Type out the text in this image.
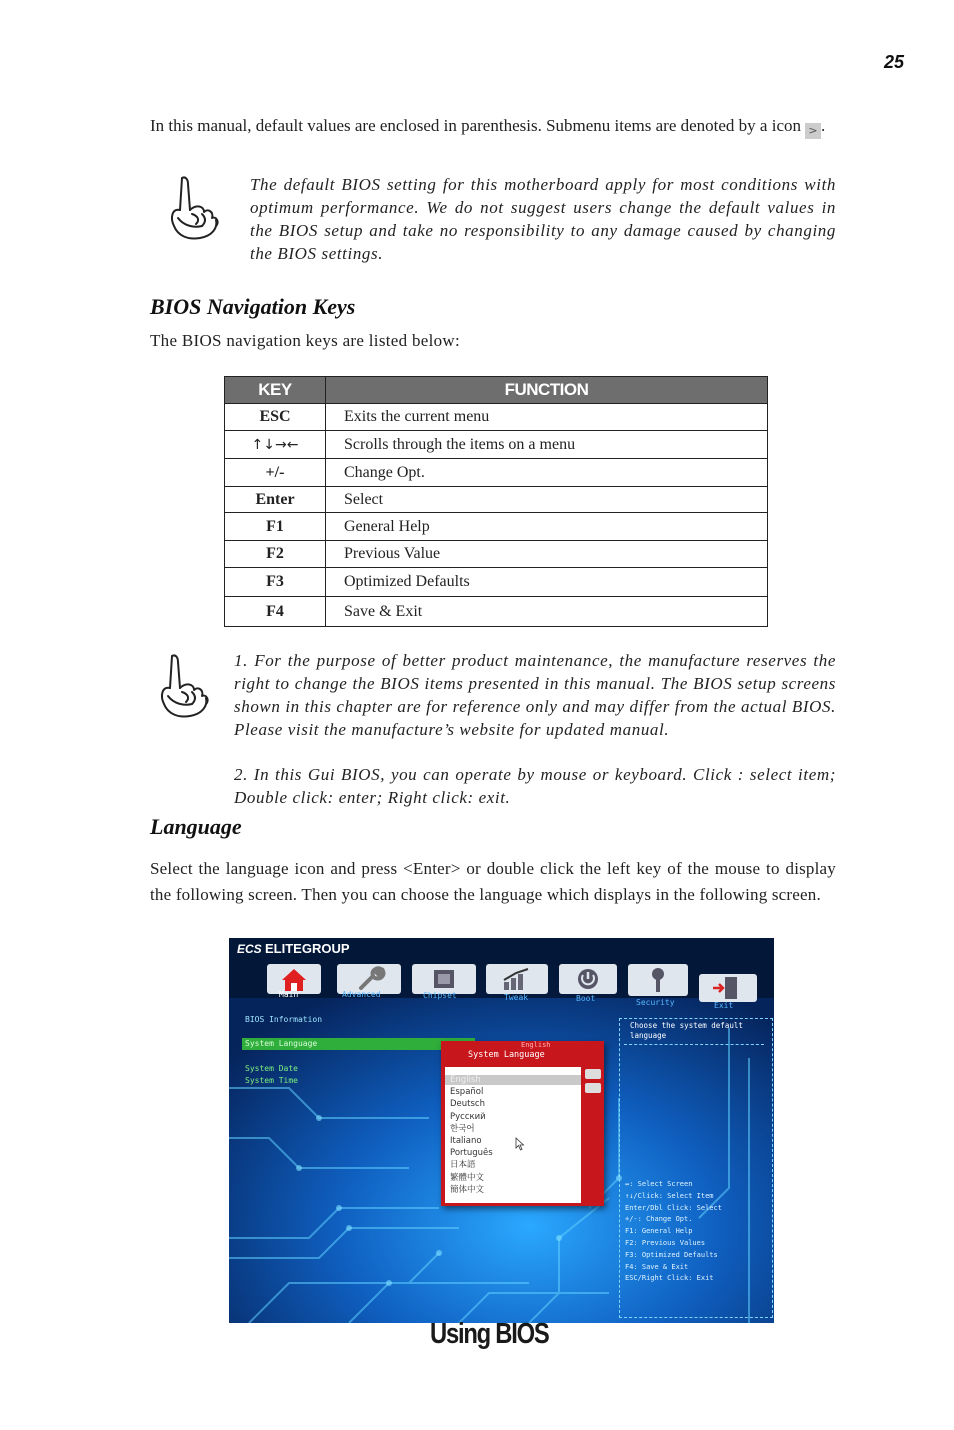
25
In this manual, default values are enclosed in parenthesis. Submenu items are denoted by a icon > .
The default BIOS setting for this motherboard apply for most conditions with optimum performance. We do not suggest users change the default values in the BIOS setup and take no responsibility to any damage caused by changing the BIOS settings.
BIOS Navigation Keys
The BIOS navigation keys are listed below:
KEY	FUNCTION
ESC	Exits the current menu
↑↓→←	Scrolls through the items on a menu
+/-	Change Opt.
Enter	Select
F1	General Help
F2	Previous Value
F3	Optimized Defaults
F4	Save & Exit
1. For the purpose of better product maintenance, the manufacture reserves the right to change the BIOS items presented in this manual. The BIOS setup screens shown in this chapter are for reference only and may differ from the actual BIOS. Please visit the manufacture’s website for updated manual.
2. In this Gui BIOS, you can operate by mouse or keyboard. Click : select item; Double click: enter; Right click: exit.
Language
Select the language icon and press <Enter> or double click the left key of the mouse to display the following screen. Then you can choose the language which displays in the following screen.
ECS ELITEGROUP
Main	Advanced	Chipset	Tweak	Boot	Security	Exit
BIOS Information
System Language
System Date
System Time
English
System Language
English
Español
Deutsch
Русский
한국어
Italiano
Português
日本語
繁體中文
簡体中文
Choose the system default language
↔: Select Screen
↑↓/Click: Select Item
Enter/Dbl Click: Select
+/-: Change Opt.
F1: General Help
F2: Previous Values
F3: Optimized Defaults
F4: Save & Exit
ESC/Right Click: Exit
Using BIOS
